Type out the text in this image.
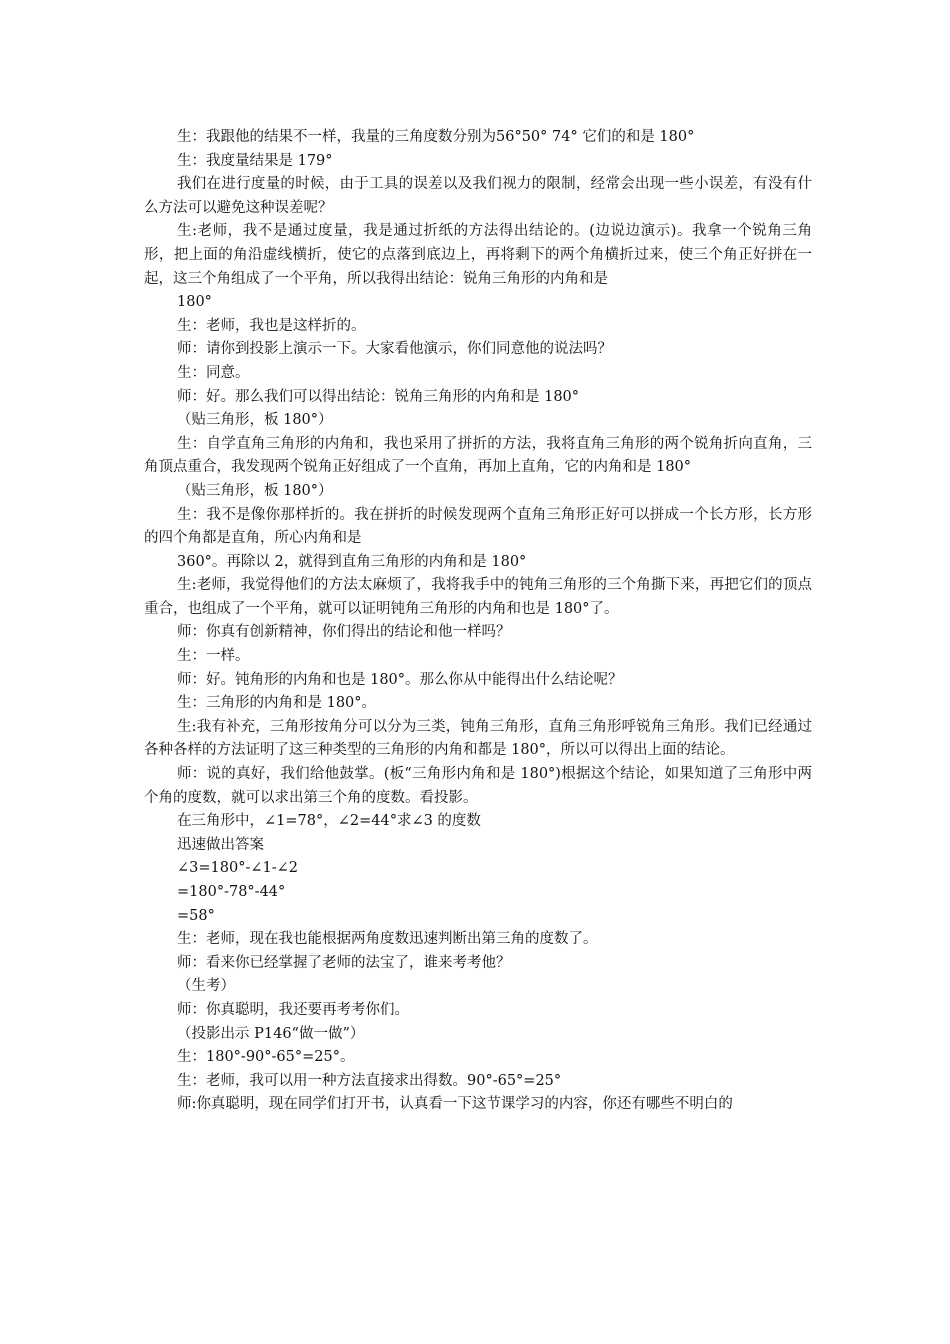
生：我跟他的结果不一样，我量的三角度数分别为56°50° 74° 它们的和是 180°

生：我度量结果是 179°

我们在进行度量的时候，由于工具的误差以及我们视力的限制，经常会出现一些小误差，有没有什么方法可以避免这种误差呢？

生:老师，我不是通过度量，我是通过折纸的方法得出结论的。(边说边演示)。我拿一个锐角三角形，把上面的角沿虚线横折，使它的点落到底边上，再将剩下的两个角横折过来，使三个角正好拼在一起，这三个角组成了一个平角，所以我得出结论：锐角三角形的内角和是

180°

生：老师，我也是这样折的。

师：请你到投影上演示一下。大家看他演示，你们同意他的说法吗？

生：同意。

师：好。那么我们可以得出结论：锐角三角形的内角和是 180°

（贴三角形，板 180°）

生：自学直角三角形的内角和，我也采用了拼折的方法，我将直角三角形的两个锐角折向直角，三角顶点重合，我发现两个锐角正好组成了一个直角，再加上直角，它的内角和是 180°

（贴三角形，板 180°）

生：我不是像你那样折的。我在拼折的时候发现两个直角三角形正好可以拼成一个长方形，长方形的四个角都是直角，所心内角和是

360°。再除以 2，就得到直角三角形的内角和是 180°

生:老师，我觉得他们的方法太麻烦了，我将我手中的钝角三角形的三个角撕下来，再把它们的顶点重合，也组成了一个平角，就可以证明钝角三角形的内角和也是 180°了。

师：你真有创新精神，你们得出的结论和他一样吗？

生：一样。

师：好。钝角形的内角和也是 180°。那么你从中能得出什么结论呢？

生：三角形的内角和是 180°。

生:我有补充，三角形按角分可以分为三类，钝角三角形，直角三角形呼锐角三角形。我们已经通过各种各样的方法证明了这三种类型的三角形的内角和都是 180°，所以可以得出上面的结论。

师：说的真好，我们给他鼓掌。(板“三角形内角和是 180°)根据这个结论，如果知道了三角形中两个角的度数，就可以求出第三个角的度数。看投影。

在三角形中，∠1=78°，∠2=44°求∠3 的度数

迅速做出答案

∠3=180°-∠1-∠2

=180°-78°-44°

=58°

生：老师，现在我也能根据两角度数迅速判断出第三角的度数了。

师：看来你已经掌握了老师的法宝了，谁来考考他？

（生考）

师：你真聪明，我还要再考考你们。

（投影出示 P146“做一做”）

生：180°-90°-65°=25°。

生：老师，我可以用一种方法直接求出得数。90°-65°=25°

师:你真聪明，现在同学们打开书，认真看一下这节课学习的内容，你还有哪些不明白的
